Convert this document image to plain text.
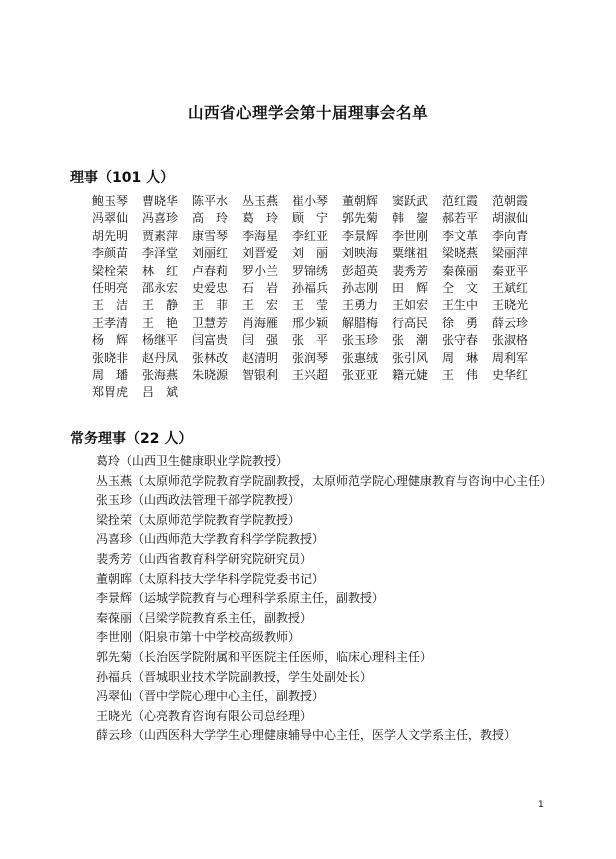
山西省心理学会第十届理事会名单
理事（101 人）
鲍玉琴	曹晓华	陈平水	丛玉燕	崔小琴	董朝辉	窦跃武	范红霞	范朝霞
冯翠仙	冯喜珍	高　玲	葛　玲	顾　宁	郭先菊	韩　鋆	郝若平	胡淑仙
胡先明	贾素萍	康雪琴	李海星	李红亚	李景辉	李世刚	李文革	李向青
李颜苗	李泽堂	刘丽红	刘晋爱	刘　丽	刘映海	粟继祖	梁晓燕	梁丽萍
梁栓荣	林　红	卢春莉	罗小兰	罗锦绣	彭超英	裴秀芳	秦葆丽	秦亚平
任明亮	邵永宏	史爱忠	石　岩	孙福兵	孙志刚	田　辉	仝　文	王斌红
王　洁	王　静	王　菲	王　宏	王　莹	王勇力	王如宏	王生中	王晓光
王孝清	王　艳	卫慧芳	肖海雁	邢少颖	解腊梅	行高民	徐　勇	薛云珍
杨　辉	杨继平	闫富贵	闫　强	张　平	张玉珍	张　潮	张守春	张淑格
张晓非	赵丹凤	张林改	赵清明	张润琴	张惠绒	张引风	周　琳	周利军
周　璠	张海燕	朱晓源	智银利	王兴超	张亚亚	籍元婕	王　伟	史华红
郑胃虎	吕　斌
常务理事（22 人）
葛玲（山西卫生健康职业学院教授）
丛玉燕（太原师范学院教育学院副教授，太原师范学院心理健康教育与咨询中心主任）
张玉珍（山西政法管理干部学院教授）
梁拴荣（太原师范学院教育学院教授）
冯喜珍（山西师范大学教育科学学院教授）
裴秀芳（山西省教育科学研究院研究员）
董朝晖（太原科技大学华科学院党委书记）
李景辉（运城学院教育与心理科学系原主任，副教授）
秦葆丽（吕梁学院教育系主任，副教授）
李世刚（阳泉市第十中学校高级教师）
郭先菊（长治医学院附属和平医院主任医师，临床心理科主任）
孙福兵（晋城职业技术学院副教授，学生处副处长）
冯翠仙（晋中学院心理中心主任，副教授）
王晓光（心亮教育咨询有限公司总经理）
薛云珍（山西医科大学学生心理健康辅导中心主任，医学人文学系主任，教授）
1
